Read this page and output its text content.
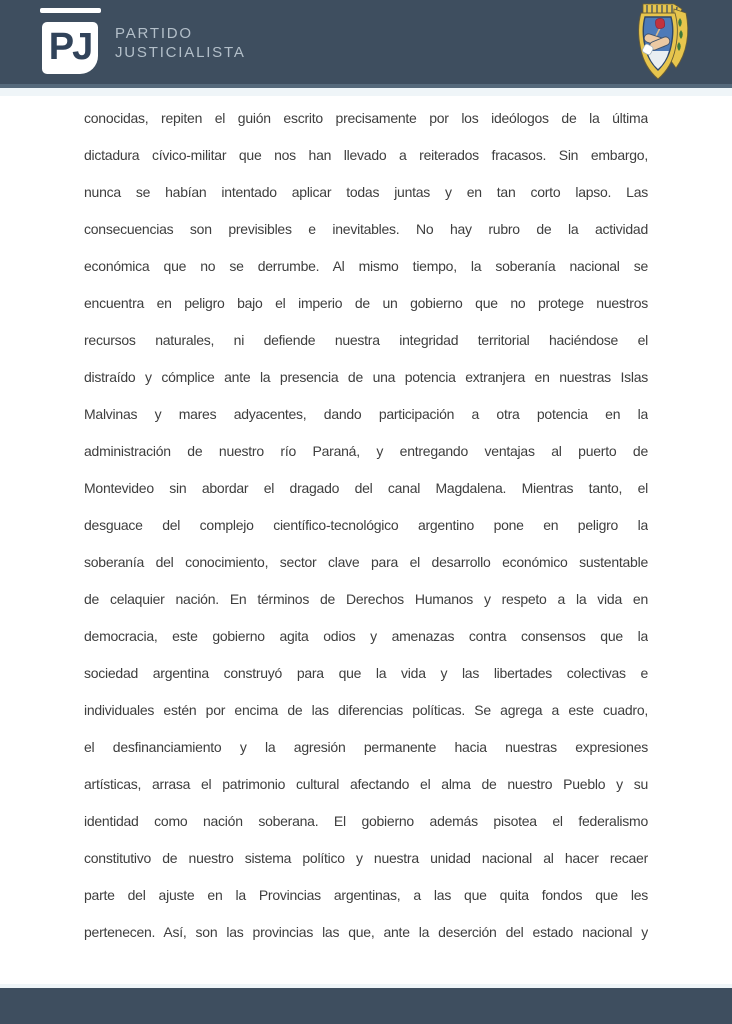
PJ PARTIDO
JUSTICIALISTA

conocidas, repiten el guión escrito precisamente por los ideólogos de la última

dictadura cívico-militar que nos han llevado a reiterados fracasos. Sin embargo,

nunca se habían intentado aplicar todas juntas y en tan corto lapso. Las

consecuencias son previsibles e inevitables. No hay rubro de la actividad

económica que no se derrumbe. Al mismo tiempo, la soberanía nacional se

encuentra en peligro bajo el imperio de un gobierno que no protege nuestros

recursos naturales, ni defiende nuestra integridad territorial haciéndose el

distraído y cómplice ante la presencia de una potencia extranjera en nuestras Islas

Malvinas y mares adyacentes, dando participación a otra potencia en la

administración de nuestro río Paraná, y entregando ventajas al puerto de

Montevideo sin abordar el dragado del canal Magdalena. Mientras tanto, el

desguace del complejo científico-tecnológico argentino pone en peligro la

soberanía del conocimiento, sector clave para el desarrollo económico sustentable

de celaquier nación. En términos de Derechos Humanos y respeto a la vida en

democracia, este gobierno agita odios y amenazas contra consensos que la

sociedad argentina construyó para que la vida y las libertades colectivas e

individuales estén por encima de las diferencias políticas. Se agrega a este cuadro,

el desfinanciamiento y la agresión permanente hacia nuestras expresiones

artísticas, arrasa el patrimonio cultural afectando el alma de nuestro Pueblo y su

identidad como nación soberana. El gobierno además pisotea el federalismo

constitutivo de nuestro sistema político y nuestra unidad nacional al hacer recaer

parte del ajuste en la Provincias argentinas, a las que quita fondos que les

pertenecen. Así, son las provincias las que, ante la deserción del estado nacional y
